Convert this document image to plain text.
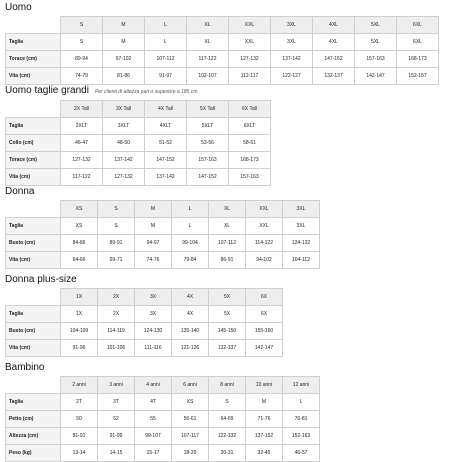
Uomo
	S	M	L	XL	XXL	3XL	4XL	5XL	6XL
Taglia	S	M	L	XL	XXL	3XL	4XL	5XL	6XL
Torace (cm)	89-94	97-102	107-112	117-122	127-132	137-142	147-152	157-163	168-173
Vita (cm)	74-79	81-86	91-97	102-107	112-117	122-127	132-137	142-147	152-157
Uomo taglie grandi Per clienti di altezza pari o superiore a 185 cm
	2X Tall	3X Tall	4X Tall	5X Tall	6X Tall
Taglia	2XLT	3XLT	4XLT	5XLT	6XLT
Collo (cm)	46-47	48-50	51-52	53-56	58-61
Torace (cm)	127-132	137-142	147-152	157-163	168-173
Vita (cm)	117-122	127-132	137-142	147-152	157-163
Donna
	XS	S	M	L	XL	XXL	3XL
Taglia	XS	S	M	L	XL	XXL	3XL
Busto (cm)	84-86	89-91	94-97	99-104	107-112	114-122	124-132
Vita (cm)	64-66	69-71	74-76	79-84	86-91	94-102	104-112
Donna plus-size
	1X	2X	3X	4X	5X	6X
Taglia	1X	2X	3X	4X	5X	6X
Busto (cm)	104-109	114-119	124-130	135-140	145-150	155-160
Vita (cm)	91-96	101-106	111-116	121-126	132-137	142-147
Bambino
	2 anni	3 anni	4 anni	6 anni	8 anni	10 anni	12 anni
Taglia	2T	3T	4T	XS	S	M	L
Petto (cm)	50	52	55	56-61	64-69	71-76	76-81
Altezza (cm)	81-91	91-99	99-107	107-117	122-132	137-152	152-163
Peso (kg)	13-14	14-15	15-17	18-20	20-31	32-45	46-57
